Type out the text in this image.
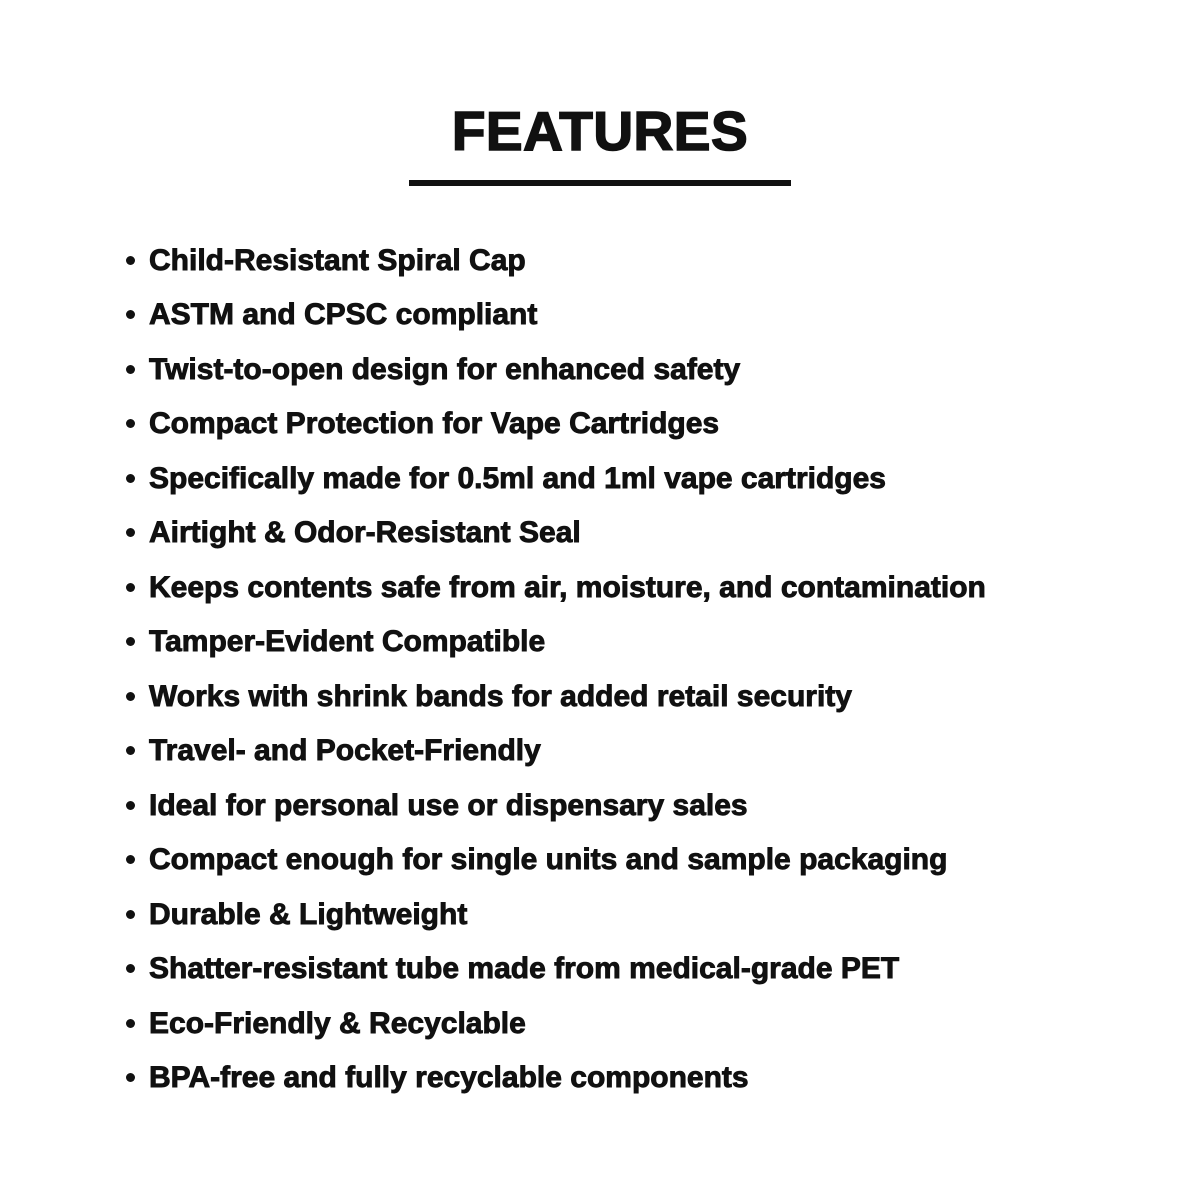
FEATURES
Child-Resistant Spiral Cap
ASTM and CPSC compliant
Twist-to-open design for enhanced safety
Compact Protection for Vape Cartridges
Specifically made for 0.5ml and 1ml vape cartridges
Airtight & Odor-Resistant Seal
Keeps contents safe from air, moisture, and contamination
Tamper-Evident Compatible
Works with shrink bands for added retail security
Travel- and Pocket-Friendly
Ideal for personal use or dispensary sales
Compact enough for single units and sample packaging
Durable & Lightweight
Shatter-resistant tube made from medical-grade PET
Eco-Friendly & Recyclable
BPA-free and fully recyclable components
